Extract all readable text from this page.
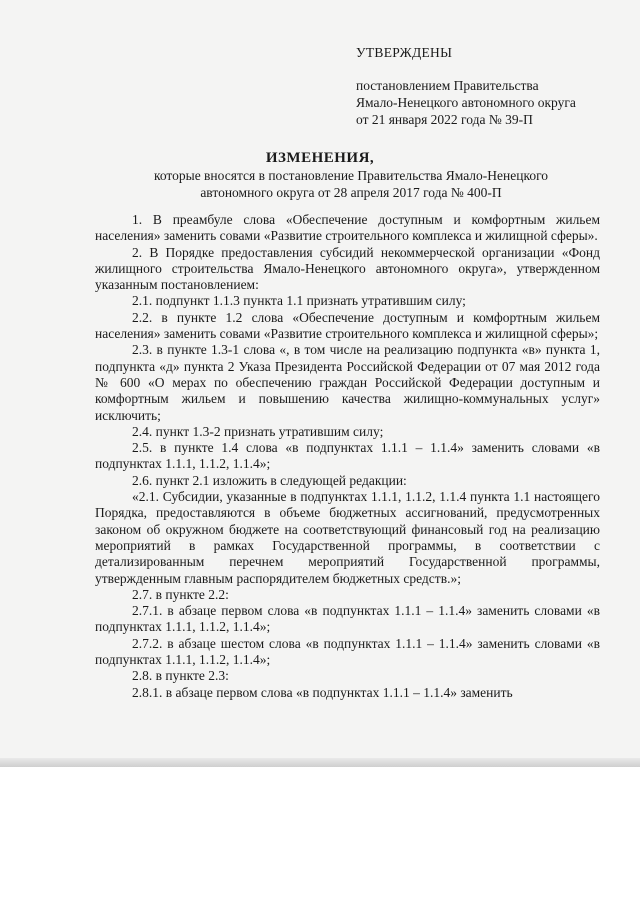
УТВЕРЖДЕНЫ
постановлением Правительства
Ямало-Ненецкого автономного округа
от 21 января 2022 года № 39-П
ИЗМЕНЕНИЯ,
которые вносятся в постановление Правительства Ямало-Ненецкого
автономного округа от 28 апреля 2017 года № 400-П

1. В преамбуле слова «Обеспечение доступным и комфортным жильем населения» заменить совами «Развитие строительного комплекса и жилищной сферы».

2. В Порядке предоставления субсидий некоммерческой организации «Фонд жилищного строительства Ямало-Ненецкого автономного округа», утвержденном указанным постановлением:

2.1. подпункт 1.1.3 пункта 1.1 признать утратившим силу;

2.2. в пункте 1.2 слова «Обеспечение доступным и комфортным жильем населения» заменить совами «Развитие строительного комплекса и жилищной сферы»;

2.3. в пункте 1.3-1 слова «, в том числе на реализацию подпункта «в» пункта 1, подпункта «д» пункта 2 Указа Президента Российской Федерации от 07 мая 2012 года № 600 «О мерах по обеспечению граждан Российской Федерации доступным и комфортным жильем и повышению качества жилищно-коммунальных услуг» исключить;

2.4. пункт 1.3-2 признать утратившим силу;

2.5. в пункте 1.4 слова «в подпунктах 1.1.1 – 1.1.4» заменить словами «в подпунктах 1.1.1, 1.1.2, 1.1.4»;

2.6. пункт 2.1 изложить в следующей редакции:

«2.1. Субсидии, указанные в подпунктах 1.1.1, 1.1.2, 1.1.4 пункта 1.1 настоящего Порядка, предоставляются в объеме бюджетных ассигнований, предусмотренных законом об окружном бюджете на соответствующий финансовый год на реализацию мероприятий в рамках Государственной программы, в соответствии с детализированным перечнем мероприятий Государственной программы, утвержденным главным распорядителем бюджетных средств.»;

2.7. в пункте 2.2:

2.7.1. в абзаце первом слова «в подпунктах 1.1.1 – 1.1.4» заменить словами «в подпунктах 1.1.1, 1.1.2, 1.1.4»;

2.7.2. в абзаце шестом слова «в подпунктах 1.1.1 – 1.1.4» заменить словами «в подпунктах 1.1.1, 1.1.2, 1.1.4»;

2.8. в пункте 2.3:

2.8.1. в абзаце первом слова «в подпунктах 1.1.1 – 1.1.4» заменить
